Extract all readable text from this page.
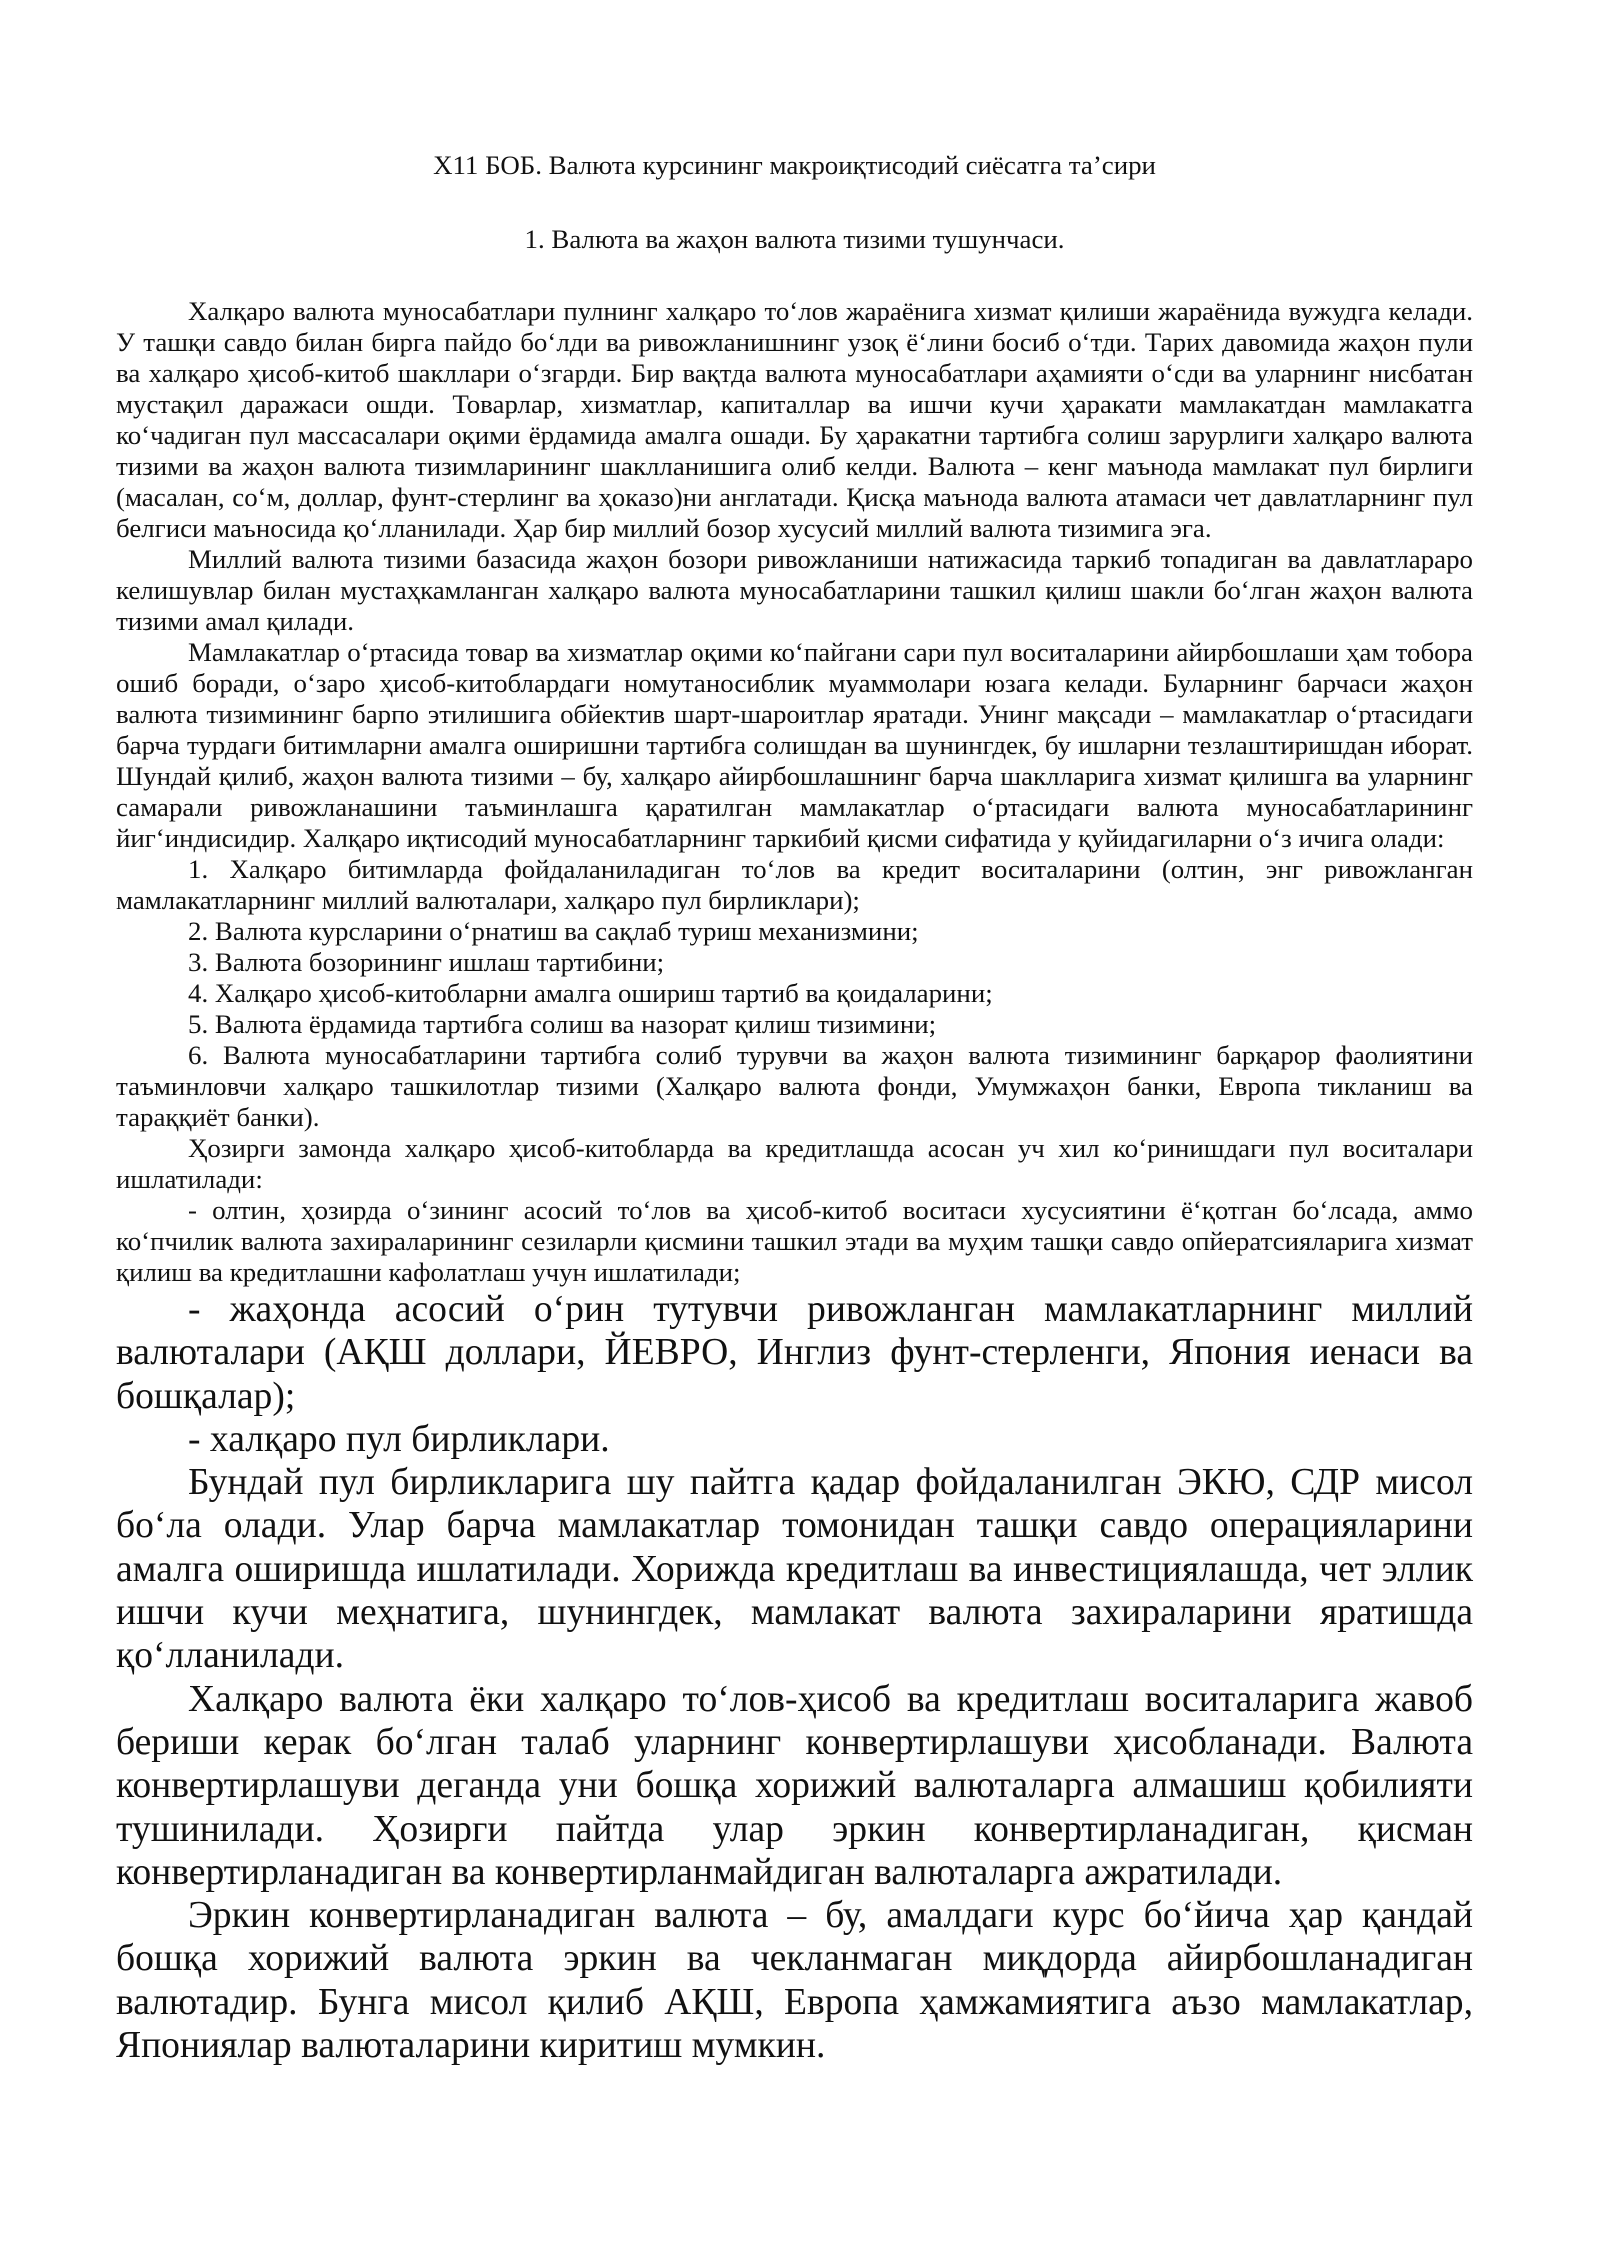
Х11 БОБ. Валюта курсининг макроиқтисодий сиёсатга та’сири

1. Валюта ва жаҳон валюта тизими тушунчаси.

Халқаро валюта муносабатлари пулнинг халқаро то‘лов жараёнига хизмат қилиши жараёнида вужудга келади. У ташқи савдо билан бирга пайдо бо‘лди ва ривожланишнинг узоқ ё‘лини босиб о‘тди. Тарих давомида жаҳон пули ва халқаро ҳисоб-китоб шакллари о‘згарди. Бир вақтда валюта муносабатлари аҳамияти о‘сди ва уларнинг нисбатан мустақил даражаси ошди. Товарлар, хизматлар, капиталлар ва ишчи кучи ҳаракати мамлакатдан мамлакатга ко‘чадиган пул массасалари оқими ёрдамида амалга ошади. Бу ҳаракатни тартибга солиш зарурлиги халқаро валюта тизими ва жаҳон валюта тизимларининг шаклланишига олиб келди. Валюта – кенг маънода мамлакат пул бирлиги (масалан, со‘м, доллар, фунт-стерлинг ва ҳоказо)ни англатади. Қисқа маънода валюта атамаси чет давлатларнинг пул белгиси маъносида қо‘лланилади. Ҳар бир миллий бозор хусусий миллий валюта тизимига эга.

Миллий валюта тизими базасида жаҳон бозори ривожланиши натижасида таркиб топадиган ва давлатлараро келишувлар билан мустаҳкамланган халқаро валюта муносабатларини ташкил қилиш шакли бо‘лган жаҳон валюта тизими амал қилади.

Мамлакатлар о‘ртасида товар ва хизматлар оқими ко‘пайгани сари пул воситаларини айирбошлаши ҳам тобора ошиб боради, о‘заро ҳисоб-китоблардаги номутаносиблик муаммолари юзага келади. Буларнинг барчаси жаҳон валюта тизимининг барпо этилишига обйектив шарт-шароитлар яратади. Унинг мақсади – мамлакатлар о‘ртасидаги барча турдаги битимларни амалга оширишни тартибга солишдан ва шунингдек, бу ишларни тезлаштиришдан иборат. Шундай қилиб, жаҳон валюта тизими – бу, халқаро айирбошлашнинг барча шаклларига хизмат қилишга ва уларнинг самарали ривожланашини таъминлашга қаратилган мамлакатлар о‘ртасидаги валюта муносабатларининг йиг‘индисидир. Халқаро иқтисодий муносабатларнинг таркибий қисми сифатида у қуйидагиларни о‘з ичига олади:

1. Халқаро битимларда фойдаланиладиган то‘лов ва кредит воситаларини (олтин, энг ривожланган мамлакатларнинг миллий валюталари, халқаро пул бирликлари);

2. Валюта курсларини о‘рнатиш ва сақлаб туриш механизмини;

3. Валюта бозорининг ишлаш тартибини;

4. Халқаро ҳисоб-китобларни амалга ошириш тартиб ва қоидаларини;

5. Валюта ёрдамида тартибга солиш ва назорат қилиш тизимини;

6. Валюта муносабатларини тартибга солиб турувчи ва жаҳон валюта тизимининг барқарор фаолиятини таъминловчи халқаро ташкилотлар тизими (Халқаро валюта фонди, Умумжаҳон банки, Европа тикланиш ва тараққиёт банки).

Ҳозирги замонда халқаро ҳисоб-китобларда ва кредитлашда асосан уч хил ко‘ринишдаги пул воситалари ишлатилади:

- олтин, ҳозирда о‘зининг асосий то‘лов ва ҳисоб-китоб воситаси хусусиятини ё‘қотган бо‘лсада, аммо ко‘пчилик валюта захираларининг сезиларли қисмини ташкил этади ва муҳим ташқи савдо опйератсияларига хизмат қилиш ва кредитлашни кафолатлаш учун ишлатилади;

- жаҳонда асосий о‘рин тутувчи ривожланган мамлакатларнинг миллий валюталари (АҚШ доллари, ЙЕВРО, Инглиз фунт-стерленги, Япония иенаси ва бошқалар);

- халқаро пул бирликлари.

Бундай пул бирликларига шу пайтга қадар фойдаланилган ЭКЮ, СДР мисол бо‘ла олади. Улар барча мамлакатлар томонидан ташқи савдо операцияларини амалга оширишда ишлатилади. Хорижда кредитлаш ва инвестициялашда, чет эллик ишчи кучи меҳнатига, шунингдек, мамлакат валюта захираларини яратишда қо‘лланилади.

Халқаро валюта ёки халқаро то‘лов-ҳисоб ва кредитлаш воситаларига жавоб бериши керак бо‘лган талаб уларнинг конвертирлашуви ҳисобланади. Валюта конвертирлашуви деганда уни бошқа хорижий валюталарга алмашиш қобилияти тушинилади. Ҳозирги пайтда улар эркин конвертирланадиган, қисман конвертирланадиган ва конвертирланмайдиган валюталарга ажратилади.

Эркин конвертирланадиган валюта – бу, амалдаги курс бо‘йича ҳар қандай бошқа хорижий валюта эркин ва чекланмаган миқдорда айирбошланадиган валютадир. Бунга мисол қилиб АҚШ, Европа ҳамжамиятига аъзо мамлакатлар, Япониялар валюталарини киритиш мумкин.
